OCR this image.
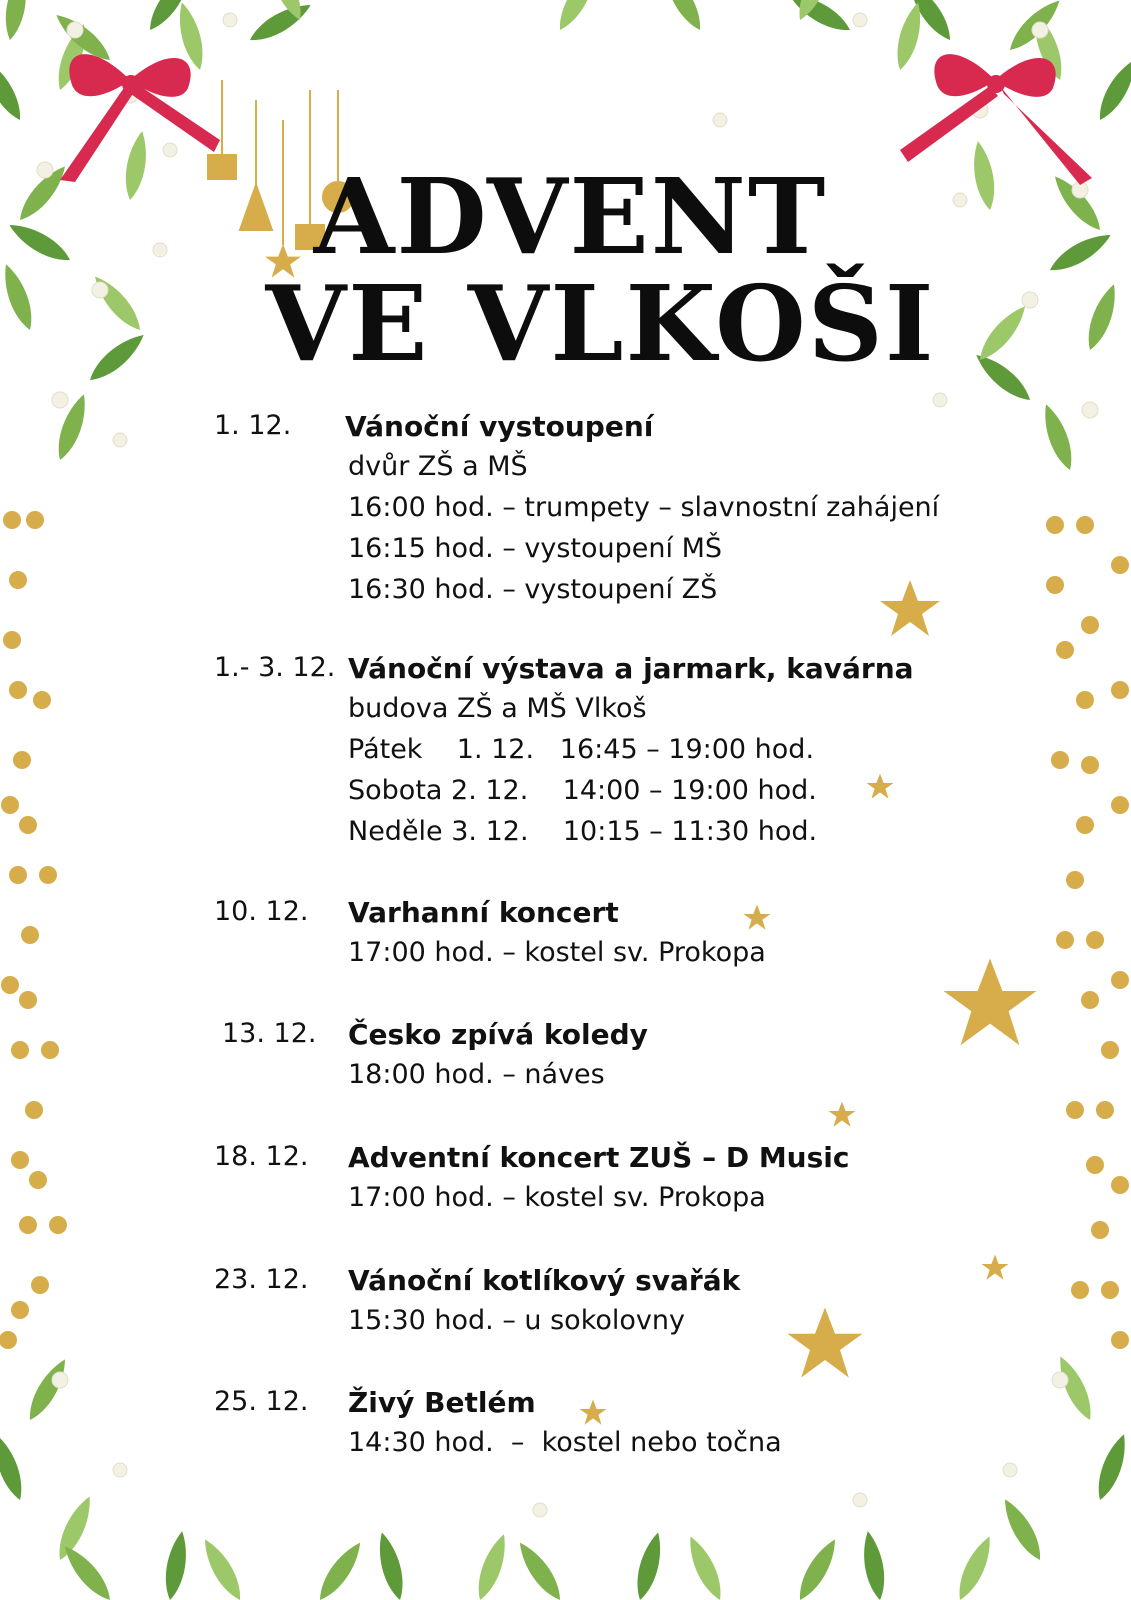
ADVENT
VE VLKOŠI
1. 12. Vánoční vystoupení
dvůr ZŠ a MŠ
16:00 hod. – trumpety – slavnostní zahájení
16:15 hod. – vystoupení MŠ
16:30 hod. – vystoupení ZŠ
1.- 3. 12. Vánoční výstava a jarmark, kavárna
budova ZŠ a MŠ Vlkoš
Pátek    1. 12.   16:45 – 19:00 hod.
Sobota 2. 12.    14:00 – 19:00 hod.
Neděle 3. 12.    10:15 – 11:30 hod.
10. 12. Varhanní koncert
17:00 hod. – kostel sv. Prokopa
13. 12. Česko zpívá koledy
18:00 hod. – náves
18. 12. Adventní koncert ZUŠ – D Music
17:00 hod. – kostel sv. Prokopa
23. 12. Vánoční kotlíkový svařák
15:30 hod. – u sokolovny
25. 12. Živý Betlém
14:30 hod.  –  kostel nebo točna
